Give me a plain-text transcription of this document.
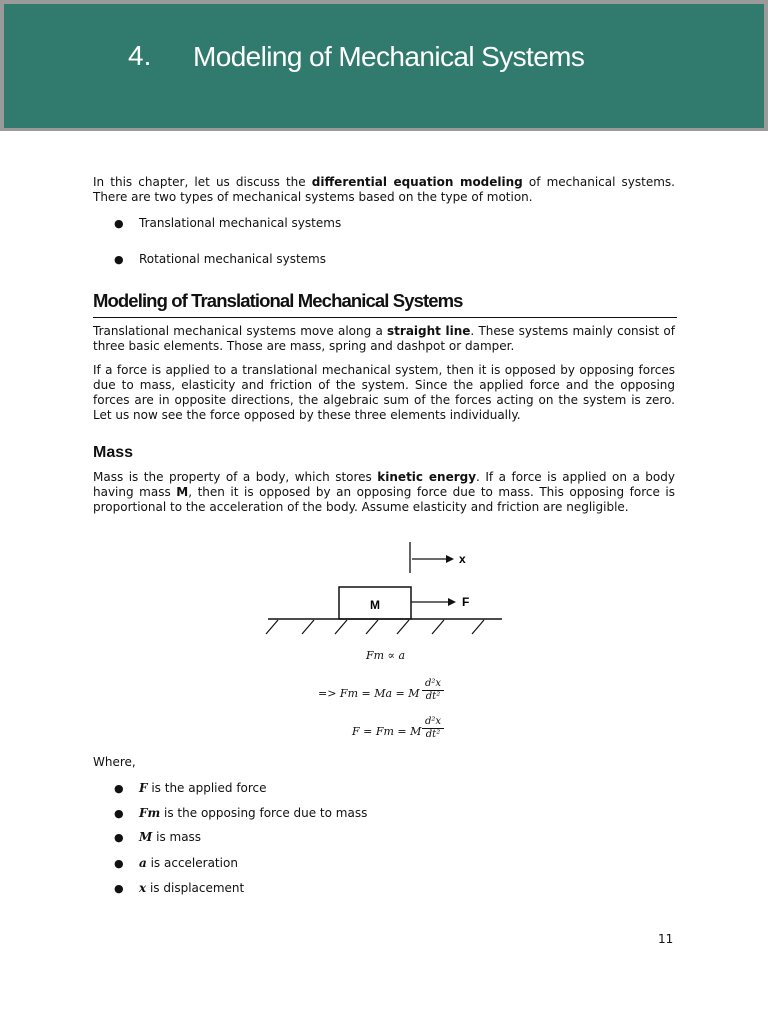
4. Modeling of Mechanical Systems

In this chapter, let us discuss the differential equation modeling of mechanical systems. There are two types of mechanical systems based on the type of motion.

● Translational mechanical systems
● Rotational mechanical systems
Modeling of Translational Mechanical Systems

Translational mechanical systems move along a straight line. These systems mainly consist of three basic elements. Those are mass, spring and dashpot or damper.

If a force is applied to a translational mechanical system, then it is opposed by opposing forces due to mass, elasticity and friction of the system. Since the applied force and the opposing forces are in opposite directions, the algebraic sum of the forces acting on the system is zero. Let us now see the force opposed by these three elements individually.

Mass

Mass is the property of a body, which stores kinetic energy. If a force is applied on a body having mass M, then it is opposed by an opposing force due to mass. This opposing force is proportional to the acceleration of the body. Assume elasticity and friction are negligible.

x
M	F
Fm ∝ a
=> Fm = Ma = M $\frac{\text{d²x}}{\text{dt²}}$
F = Fm = M $\frac{\text{d²x}}{\text{dt²}}$

Where,

● F is the applied force
● Fm is the opposing force due to mass
● M is mass
● a is acceleration
● x is displacement
11
